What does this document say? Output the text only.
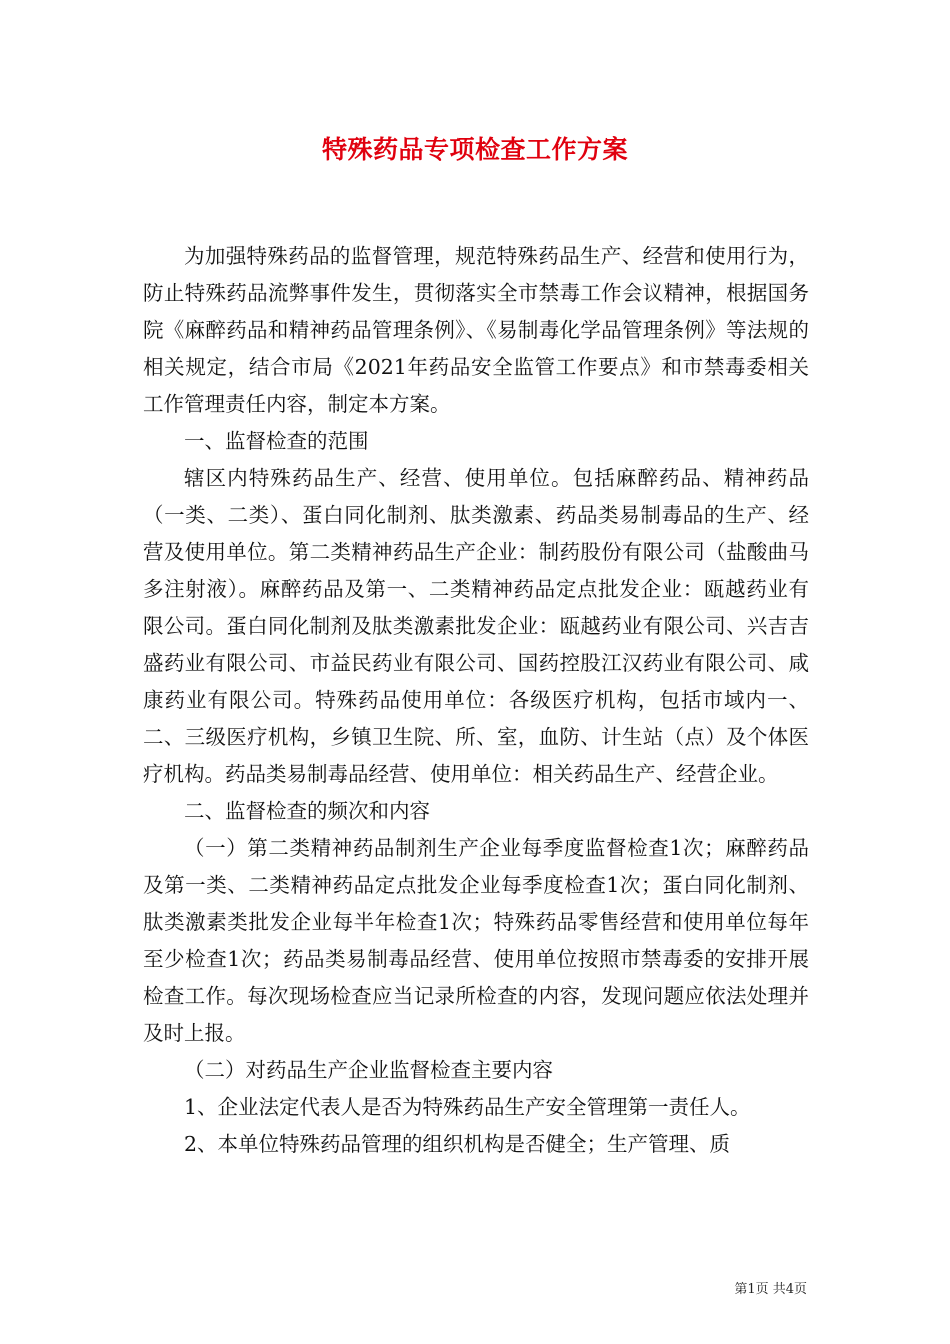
特殊药品专项检查工作方案

为加强特殊药品的监督管理，规范特殊药品生产、经营和使用行为，防止特殊药品流弊事件发生，贯彻落实全市禁毒工作会议精神，根据国务院《麻醉药品和精神药品管理条例》、《易制毒化学品管理条例》等法规的相关规定，结合市局《2021年药品安全监管工作要点》和市禁毒委相关工作管理责任内容，制定本方案。

一、监督检查的范围

辖区内特殊药品生产、经营、使用单位。包括麻醉药品、精神药品（一类、二类）、蛋白同化制剂、肽类激素、药品类易制毒品的生产、经营及使用单位。第二类精神药品生产企业：制药股份有限公司（盐酸曲马多注射液）。麻醉药品及第一、二类精神药品定点批发企业：瓯越药业有限公司。蛋白同化制剂及肽类激素批发企业：瓯越药业有限公司、兴吉吉盛药业有限公司、市益民药业有限公司、国药控股江汉药业有限公司、咸康药业有限公司。特殊药品使用单位：各级医疗机构，包括市域内一、二、三级医疗机构，乡镇卫生院、所、室，血防、计生站（点）及个体医疗机构。药品类易制毒品经营、使用单位：相关药品生产、经营企业。

二、监督检查的频次和内容

（一）第二类精神药品制剂生产企业每季度监督检查1次；麻醉药品及第一类、二类精神药品定点批发企业每季度检查1次；蛋白同化制剂、肽类激素类批发企业每半年检查1次；特殊药品零售经营和使用单位每年至少检查1次；药品类易制毒品经营、使用单位按照市禁毒委的安排开展检查工作。每次现场检查应当记录所检查的内容，发现问题应依法处理并及时上报。

（二）对药品生产企业监督检查主要内容

1、企业法定代表人是否为特殊药品生产安全管理第一责任人。

2、本单位特殊药品管理的组织机构是否健全；生产管理、质

第1页 共4页
